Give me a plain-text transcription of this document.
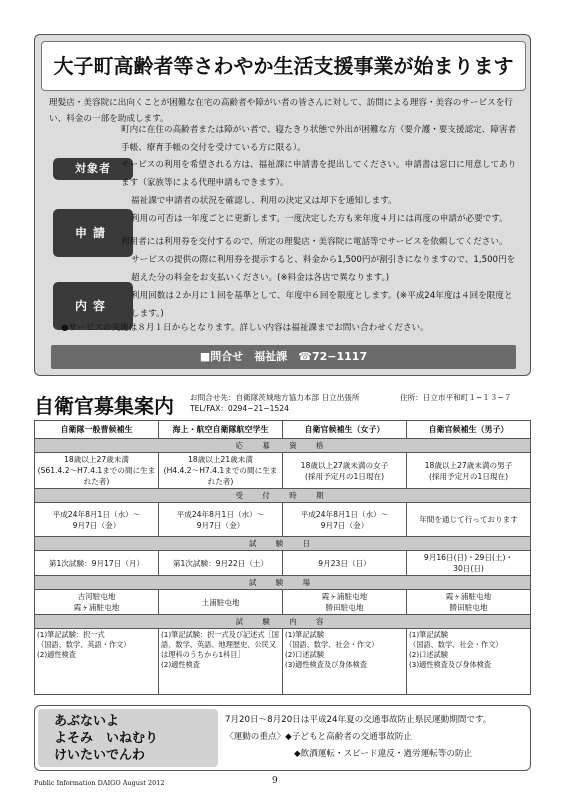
大子町高齢者等さわやか生活支援事業が始まります
理髪店・美容院に出向くことが困難な在宅の高齢者や障がい者の皆さんに対して、訪問による理容・美容のサービスを行い、料金の一部を助成します。
対象者

町内に在住の高齢者または障がい者で、寝たきり状態で外出が困難な方（要介護・要支援認定、障害者手帳、療育手帳の交付を受けている方に限る）。

申請

サービスの利用を希望される方は、福祉課に申請書を提出してください。申請書は窓口に用意してあります（家族等による代理申請もできます）。

福祉課で申請者の状況を確認し、利用の決定又は却下を通知します。

利用の可否は一年度ごとに更新します。一度決定した方も来年度４月には再度の申請が必要です。

内容

利用者には利用券を交付するので、所定の理髪店・美容院に電話等でサービスを依頼してください。

サービスの提供の際に利用券を提示すると、料金から1,500円が割引きになりますので、1,500円を超えた分の料金をお支払いください。(※料金は各店で異なります。)

利用回数は２か月に１回を基準として、年度中６回を限度とします。(※平成24年度は４回を限度とします。)

●サービスの実施は８月１日からとなります。詳しい内容は福祉課までお問い合わせください。
■問合せ　福祉課　☎72−1117
自衛官募集案内 お問合せ先：自衛隊茨城地方協力本部 日立出張所
TEL/FAX：0294−21−1524
住所：日立市平和町１−１３−７
自衛隊一般曹候補生	海上・航空自衛隊航空学生	自衛官候補生（女子）	自衛官候補生（男子）
応　募　資　格			
18歳以上27歳未満
(S61.4.2〜H7.4.1までの間に生まれた者)	18歳以上21歳未満
(H4.4.2〜H7.4.1までの間に生まれた者)	18歳以上27歳未満の女子
(採用予定月の1日現在)	18歳以上27歳未満の男子
(採用予定月の1日現在)
受　付　時　期			
平成24年8月1日（水）〜
9月7日（金）	平成24年8月1日（水）〜
9月7日（金）	平成24年8月1日（水）〜
9月7日（金）	年間を通じて行っております
試　験　日			
第1次試験：9月17日（月）	第1次試験：9月22日（土）	9月23日（日）	9月16日(日)・29日(土)・
30日(日)
試　験　場			
古河駐屯地
霞ヶ浦駐屯地	土浦駐屯地	霞ヶ浦駐屯地
勝田駐屯地	霞ヶ浦駐屯地
勝田駐屯地
試　験　内　容			
(1)筆記試験：択一式
（国語、数学、英語・作文）
(2)適性検査	(1)筆記試験：択一式及び記述式［国語、数学、英語、地理歴史、公民又は理科のうちから1科目］
(2)適性検査	(1)筆記試験
（国語、数学、社会・作文）
(2)口述試験
(3)適性検査及び身体検査	(1)筆記試験
（国語、数学、社会・作文）
(2)口述試験
(3)適性検査及び身体検査
あぶないよ
よそみ　いねむり
けいたいでんわ
7月20日〜8月20日は平成24年夏の交通事故防止県民運動期間です。
〈運動の重点〉◆子どもと高齢者の交通事故防止
◆飲酒運転・スピード違反・過労運転等の防止
Public Information DAIGO August 2012	9
